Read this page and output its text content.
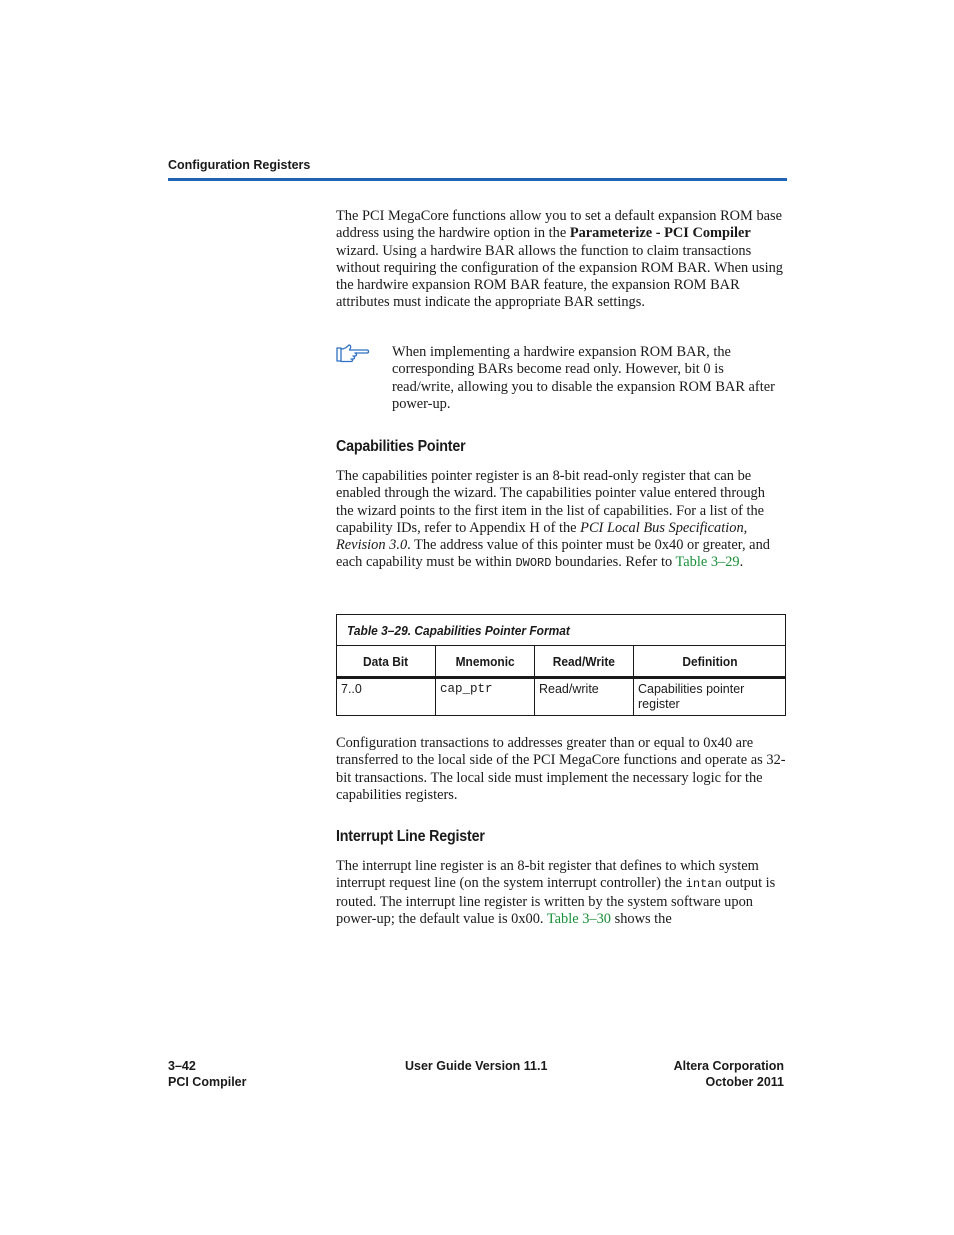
Configuration Registers

The PCI MegaCore functions allow you to set a default expansion ROM base address using the hardwire option in the Parameterize - PCI Compiler wizard. Using a hardwire BAR allows the function to claim transactions without requiring the configuration of the expansion ROM BAR. When using the hardwire expansion ROM BAR feature, the expansion ROM BAR attributes must indicate the appropriate BAR settings.

When implementing a hardwire expansion ROM BAR, the corresponding BARs become read only. However, bit 0 is read/write, allowing you to disable the expansion ROM BAR after power-up.

Capabilities Pointer

The capabilities pointer register is an 8-bit read-only register that can be enabled through the wizard. The capabilities pointer value entered through the wizard points to the first item in the list of capabilities. For a list of the capability IDs, refer to Appendix H of the PCI Local Bus Specification, Revision 3.0. The address value of this pointer must be 0x40 or greater, and each capability must be within DWORD boundaries. Refer to Table 3–29.

Table 3–29. Capabilities Pointer Format			
Data Bit	Mnemonic	Read/Write	Definition
7..0	cap_ptr	Read/write	Capabilities pointer register

Configuration transactions to addresses greater than or equal to 0x40 are transferred to the local side of the PCI MegaCore functions and operate as 32-bit transactions. The local side must implement the necessary logic for the capabilities registers.

Interrupt Line Register

The interrupt line register is an 8-bit register that defines to which system interrupt request line (on the system interrupt controller) the intan output is routed. The interrupt line register is written by the system software upon power-up; the default value is 0x00. Table 3–30 shows the

3–42
PCI Compiler
User Guide Version 11.1	Altera Corporation
October 2011
